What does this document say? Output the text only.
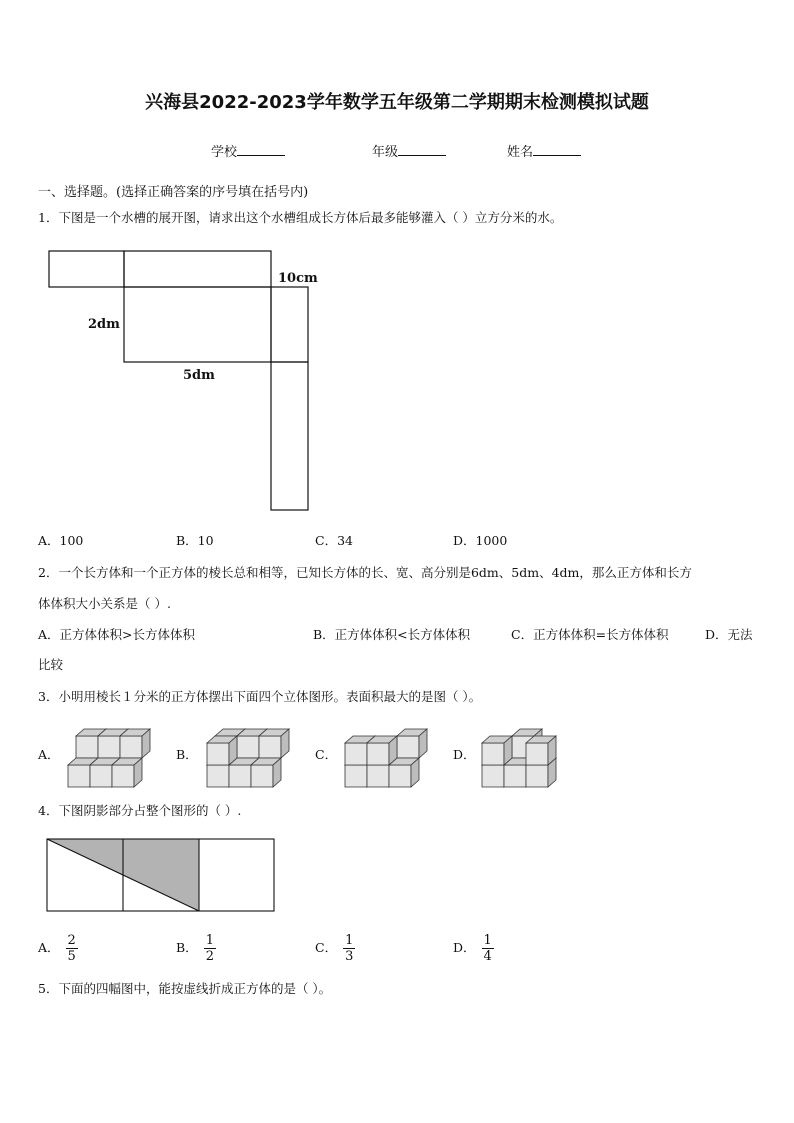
兴海县2022-2023学年数学五年级第二学期期末检测模拟试题
学校	年级	姓名
一、选择题。(选择正确答案的序号填在括号内)
1．下图是一个水槽的展开图，请求出这个水槽组成长方体后最多能够灌入（ ）立方分米的水。
10cm
2dm
5dm
A．100	B．10	C．34	D．1000
2．一个长方体和一个正方体的棱长总和相等，已知长方体的长、宽、高分别是6dm、5dm、4dm，那么正方体和长方
体体积大小关系是（ ）.
A．正方体体积>长方体体积	B．正方体体积<长方体体积	C．正方体体积=长方体体积	D．无法
比较
3．小明用棱长１分米的正方体摆出下面四个立体图形。表面积最大的是图（ ）。
A．	B．	C．	D．
4．下图阴影部分占整个图形的（ ）.
A． $\frac{2}{5}$	B． $\frac{1}{2}$	C． $\frac{1}{3}$	D． $\frac{1}{4}$
5．下面的四幅图中，能按虚线折成正方体的是（ ）。
